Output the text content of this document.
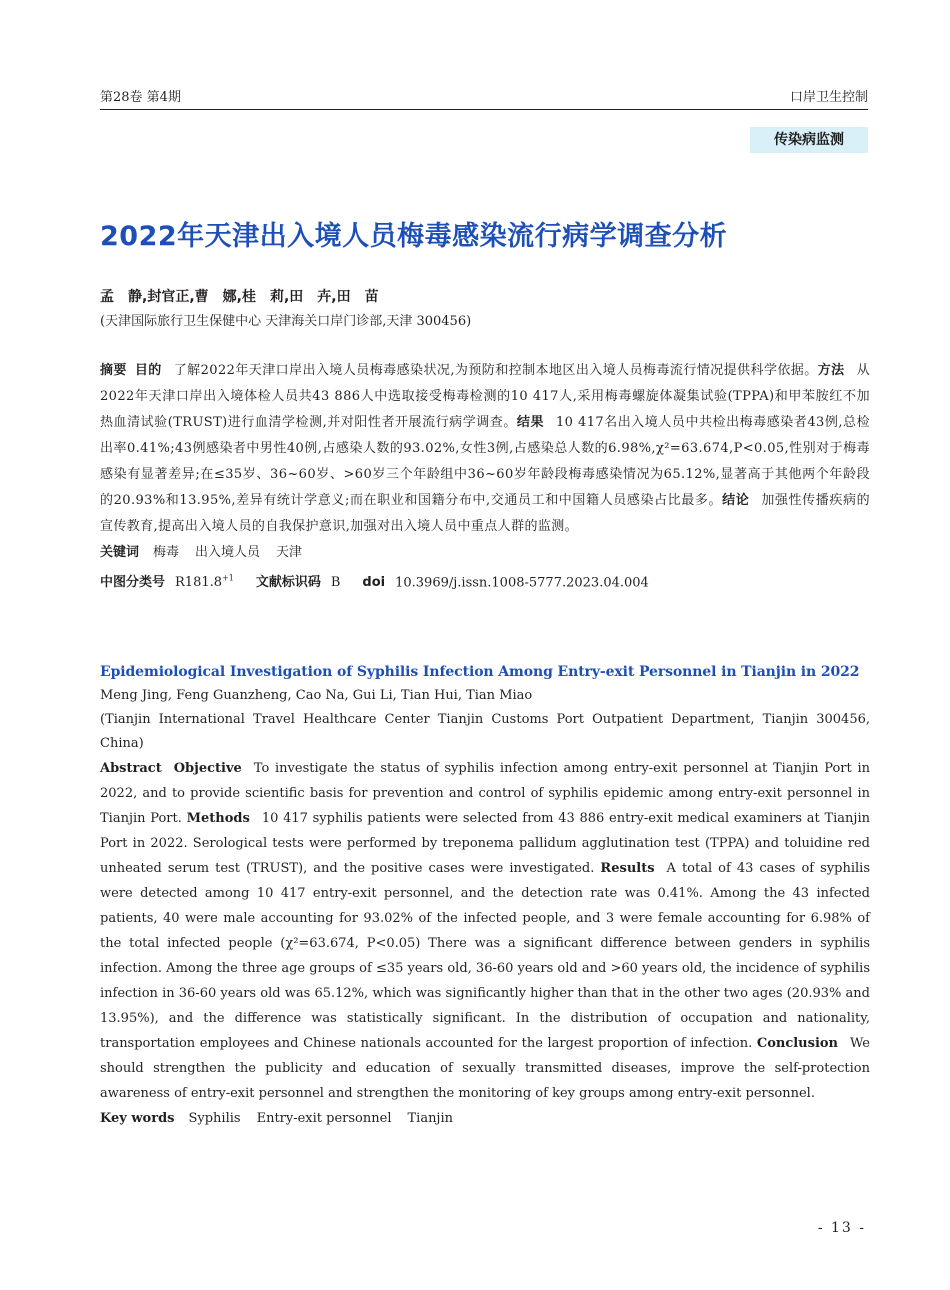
第28卷 第4期	口岸卫生控制
传染病监测
2022年天津出入境人员梅毒感染流行病学调查分析

孟　静,封官正,曹　娜,桂　莉,田　卉,田　苗

(天津国际旅行卫生保健中心 天津海关口岸门诊部,天津 300456)

摘要 目的 了解2022年天津口岸出入境人员梅毒感染状况,为预防和控制本地区出入境人员梅毒流行情况提供科学依据。方法 从2022年天津口岸出入境体检人员共43 886人中选取接受梅毒检测的10 417人,采用梅毒螺旋体凝集试验(TPPA)和甲苯胺红不加热血清试验(TRUST)进行血清学检测,并对阳性者开展流行病学调查。结果 10 417名出入境人员中共检出梅毒感染者43例,总检出率0.41%;43例感染者中男性40例,占感染人数的93.02%,女性3例,占感染总人数的6.98%,χ²=63.674,P<0.05,性别对于梅毒感染有显著差异;在≤35岁、36~60岁、>60岁三个年龄组中36~60岁年龄段梅毒感染情况为65.12%,显著高于其他两个年龄段的20.93%和13.95%,差异有统计学意义;而在职业和国籍分布中,交通员工和中国籍人员感染占比最多。结论 加强性传播疾病的宣传教育,提高出入境人员的自我保护意识,加强对出入境人员中重点人群的监测。

关键词 梅毒 出入境人员 天津

中图分类号 $R181.8^{+1}$ 文献标识码 B doi 10.3969/j.issn.1008-5777.2023.04.004

Epidemiological Investigation of Syphilis Infection Among Entry-exit Personnel in Tianjin in 2022

Meng Jing, Feng Guanzheng, Cao Na, Gui Li, Tian Hui, Tian Miao

(Tianjin International Travel Healthcare Center Tianjin Customs Port Outpatient Department, Tianjin 300456, China)

Abstract Objective To investigate the status of syphilis infection among entry-exit personnel at Tianjin Port in 2022, and to provide scientific basis for prevention and control of syphilis epidemic among entry-exit personnel in Tianjin Port. Methods 10 417 syphilis patients were selected from 43 886 entry-exit medical examiners at Tianjin Port in 2022. Serological tests were performed by treponema pallidum agglutination test (TPPA) and toluidine red unheated serum test (TRUST), and the positive cases were investigated. Results A total of 43 cases of syphilis were detected among 10 417 entry-exit personnel, and the detection rate was 0.41%. Among the 43 infected patients, 40 were male accounting for 93.02% of the infected people, and 3 were female accounting for 6.98% of the total infected people (χ²=63.674, P<0.05) There was a significant difference between genders in syphilis infection. Among the three age groups of ≤35 years old, 36-60 years old and >60 years old, the incidence of syphilis infection in 36-60 years old was 65.12%, which was significantly higher than that in the other two ages (20.93% and 13.95%), and the difference was statistically significant. In the distribution of occupation and nationality, transportation employees and Chinese nationals accounted for the largest proportion of infection. Conclusion We should strengthen the publicity and education of sexually transmitted diseases, improve the self-protection awareness of entry-exit personnel and strengthen the monitoring of key groups among entry-exit personnel.

Key words Syphilis Entry-exit personnel Tianjin

- 13 -
